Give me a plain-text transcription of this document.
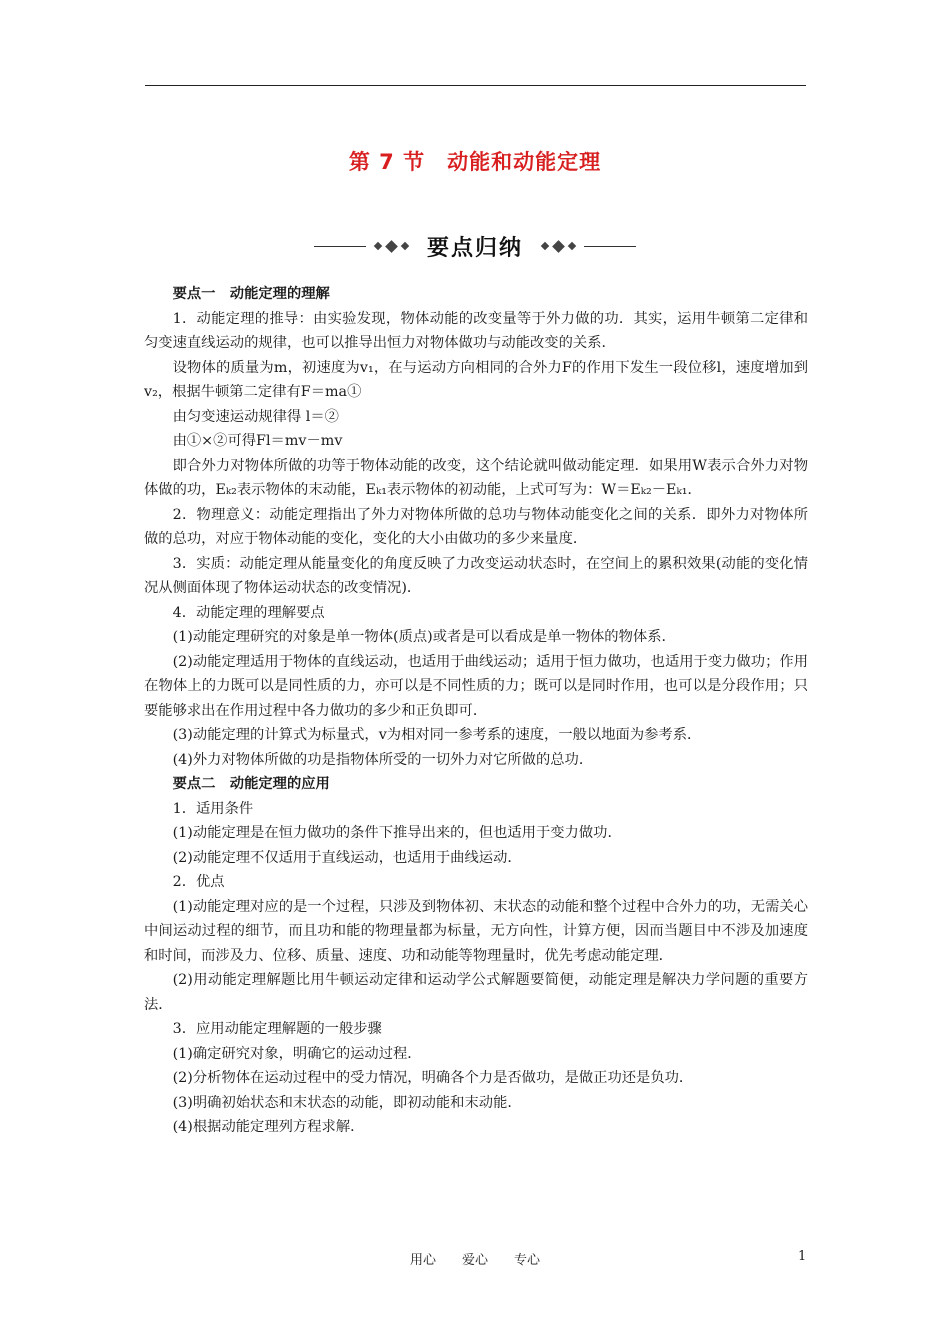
第 7 节　动能和动能定理
要点归纳

要点一　动能定理的理解

1．动能定理的推导：由实验发现，物体动能的改变量等于外力做的功．其实，运用牛顿第二定律和匀变速直线运动的规律，也可以推导出恒力对物体做功与动能改变的关系．

设物体的质量为m，初速度为v₁，在与运动方向相同的合外力F的作用下发生一段位移l，速度增加到v₂，根据牛顿第二定律有F＝ma①

由匀变速运动规律得 l＝②

由①×②可得Fl＝mv－mv

即合外力对物体所做的功等于物体动能的改变，这个结论就叫做动能定理．如果用W表示合外力对物体做的功，Eₖ₂表示物体的末动能，Eₖ₁表示物体的初动能，上式可写为：W＝Eₖ₂－Eₖ₁.

2．物理意义：动能定理指出了外力对物体所做的总功与物体动能变化之间的关系．即外力对物体所做的总功，对应于物体动能的变化，变化的大小由做功的多少来量度．

3．实质：动能定理从能量变化的角度反映了力改变运动状态时，在空间上的累积效果(动能的变化情况从侧面体现了物体运动状态的改变情况)．

4．动能定理的理解要点

(1)动能定理研究的对象是单一物体(质点)或者是可以看成是单一物体的物体系．

(2)动能定理适用于物体的直线运动，也适用于曲线运动；适用于恒力做功，也适用于变力做功；作用在物体上的力既可以是同性质的力，亦可以是不同性质的力；既可以是同时作用，也可以是分段作用；只要能够求出在作用过程中各力做功的多少和正负即可．

(3)动能定理的计算式为标量式，v为相对同一参考系的速度，一般以地面为参考系．

(4)外力对物体所做的功是指物体所受的一切外力对它所做的总功．

要点二　动能定理的应用

1．适用条件

(1)动能定理是在恒力做功的条件下推导出来的，但也适用于变力做功．

(2)动能定理不仅适用于直线运动，也适用于曲线运动．

2．优点

(1)动能定理对应的是一个过程，只涉及到物体初、末状态的动能和整个过程中合外力的功，无需关心中间运动过程的细节，而且功和能的物理量都为标量，无方向性，计算方便，因而当题目中不涉及加速度和时间，而涉及力、位移、质量、速度、功和动能等物理量时，优先考虑动能定理．

(2)用动能定理解题比用牛顿运动定律和运动学公式解题要简便，动能定理是解决力学问题的重要方法．

3．应用动能定理解题的一般步骤

(1)确定研究对象，明确它的运动过程．

(2)分析物体在运动过程中的受力情况，明确各个力是否做功，是做正功还是负功．

(3)明确初始状态和末状态的动能，即初动能和末动能．

(4)根据动能定理列方程求解．

用心　　爱心　　专心	1
